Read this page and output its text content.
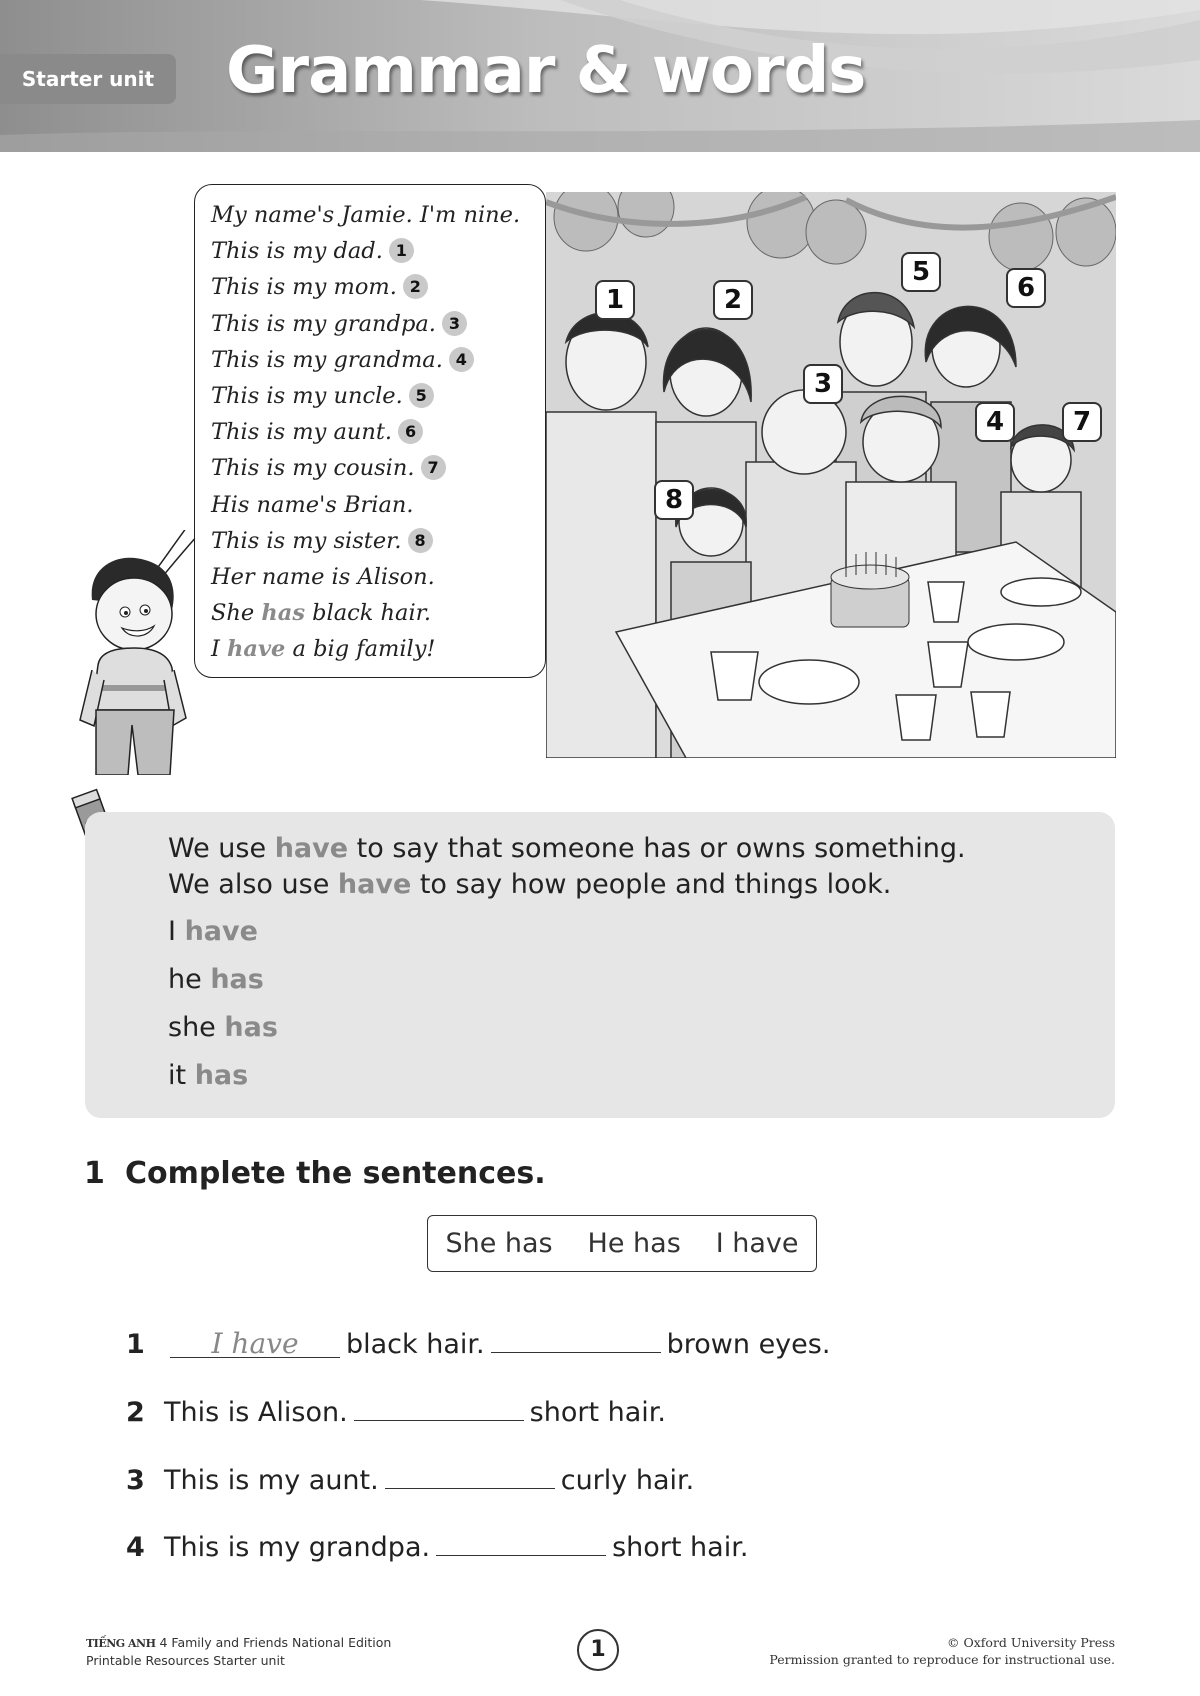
Starter unit	Grammar & words
My name's Jamie. I'm nine.
This is my dad. 1
This is my mom. 2
This is my grandpa. 3
This is my grandma. 4
This is my uncle. 5
This is my aunt. 6
This is my cousin. 7
His name's Brian.
This is my sister. 8
Her name is Alison.
She has black hair.
I have a big family!
1	2
3
4
5
6
7
8
We use have to say that someone has or owns something.
We also use have to say how people and things look.
I have
he has
she has
it has
1 Complete the sentences.
She has He has I have
1	I have	black hair.	brown eyes.
2 This is Alison.	short hair.
3 This is my aunt.	curly hair.
4 This is my grandpa.	short hair.
TIẾNG ANH 4 Family and Friends National Edition
Printable Resources Starter unit	1	© Oxford University Press
Permission granted to reproduce for instructional use.
